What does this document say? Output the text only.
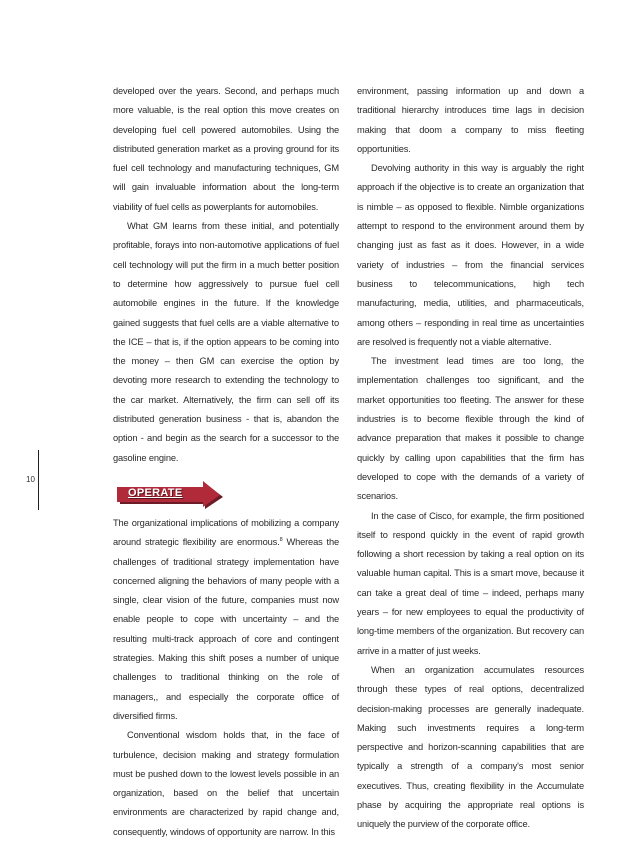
10

developed over the years. Second, and perhaps much more valuable, is the real option this move creates on developing fuel cell powered automobiles. Using the distributed generation market as a proving ground for its fuel cell technology and manufacturing techniques, GM will gain invaluable information about the long-term viability of fuel cells as powerplants for automobiles.

What GM learns from these initial, and potentially profitable, forays into non-automotive applications of fuel cell technology will put the firm in a much better position to determine how aggressively to pursue fuel cell automobile engines in the future. If the knowledge gained suggests that fuel cells are a viable alternative to the ICE – that is, if the option appears to be coming into the money – then GM can exercise the option by devoting more research to extending the technology to the car market. Alternatively, the firm can sell off its distributed generation business - that is, abandon the option - and begin as the search for a successor to the gasoline engine.

OPERATE

The organizational implications of mobilizing a company around strategic flexibility are enormous.$^8$ Whereas the challenges of traditional strategy implementation have concerned aligning the behaviors of many people with a single, clear vision of the future, companies must now enable people to cope with uncertainty – and the resulting multi-track approach of core and contingent strategies. Making this shift poses a number of unique challenges to traditional thinking on the role of managers,, and especially the corporate office of diversified firms.

Conventional wisdom holds that, in the face of turbulence, decision making and strategy formulation must be pushed down to the lowest levels possible in an organization, based on the belief that uncertain environments are characterized by rapid change and, consequently, windows of opportunity are narrow. In this

environment, passing information up and down a traditional hierarchy introduces time lags in decision making that doom a company to miss fleeting opportunities.

Devolving authority in this way is arguably the right approach if the objective is to create an organization that is nimble – as opposed to flexible. Nimble organizations attempt to respond to the environment around them by changing just as fast as it does. However, in a wide variety of industries – from the financial services business to telecommunications, high tech manufacturing, media, utilities, and pharmaceuticals, among others – responding in real time as uncertainties are resolved is frequently not a viable alternative.

The investment lead times are too long, the implementation challenges too significant, and the market opportunities too fleeting. The answer for these industries is to become flexible through the kind of advance preparation that makes it possible to change quickly by calling upon capabilities that the firm has developed to cope with the demands of a variety of scenarios.

In the case of Cisco, for example, the firm positioned itself to respond quickly in the event of rapid growth following a short recession by taking a real option on its valuable human capital. This is a smart move, because it can take a great deal of time – indeed, perhaps many years – for new employees to equal the productivity of long-time members of the organization. But recovery can arrive in a matter of just weeks.

When an organization accumulates resources through these types of real options, decentralized decision-making processes are generally inadequate. Making such investments requires a long-term perspective and horizon-scanning capabilities that are typically a strength of a company's most senior executives. Thus, creating flexibility in the Accumulate phase by acquiring the appropriate real options is uniquely the purview of the corporate office.
